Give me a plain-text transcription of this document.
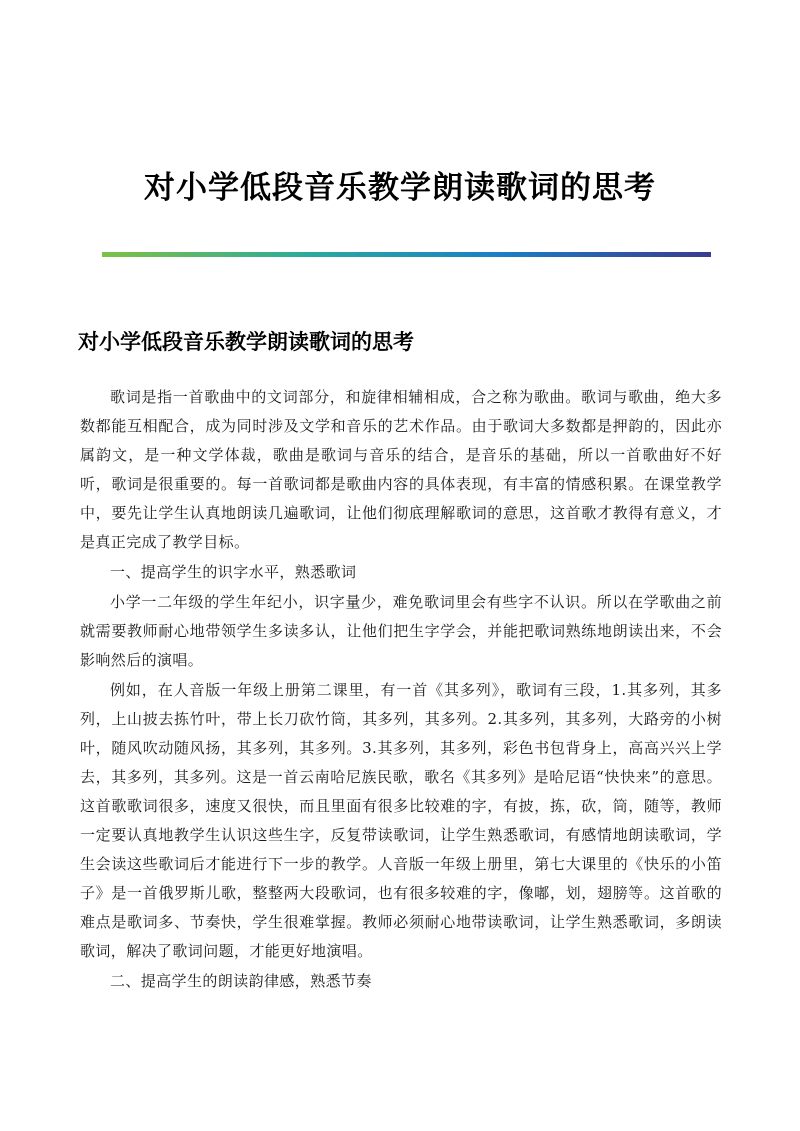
对小学低段音乐教学朗读歌词的思考
对小学低段音乐教学朗读歌词的思考

歌词是指一首歌曲中的文词部分，和旋律相辅相成，合之称为歌曲。歌词与歌曲，绝大多数都能互相配合，成为同时涉及文学和音乐的艺术作品。由于歌词大多数都是押韵的，因此亦属韵文，是一种文学体裁，歌曲是歌词与音乐的结合，是音乐的基础，所以一首歌曲好不好听，歌词是很重要的。每一首歌词都是歌曲内容的具体表现，有丰富的情感积累。在课堂教学中，要先让学生认真地朗读几遍歌词，让他们彻底理解歌词的意思，这首歌才教得有意义，才是真正完成了教学目标。

一、提高学生的识字水平，熟悉歌词

小学一二年级的学生年纪小，识字量少，难免歌词里会有些字不认识。所以在学歌曲之前就需要教师耐心地带领学生多读多认，让他们把生字学会，并能把歌词熟练地朗读出来，不会影响然后的演唱。

例如，在人音版一年级上册第二课里，有一首《其多列》，歌词有三段，1.其多列，其多列，上山披去拣竹叶，带上长刀砍竹筒，其多列，其多列。2.其多列，其多列，大路旁的小树叶，随风吹动随风扬，其多列，其多列。3.其多列，其多列，彩色书包背身上，高高兴兴上学去，其多列，其多列。这是一首云南哈尼族民歌，歌名《其多列》是哈尼语“快快来”的意思。这首歌歌词很多，速度又很快，而且里面有很多比较难的字，有披，拣，砍，筒，随等，教师一定要认真地教学生认识这些生字，反复带读歌词，让学生熟悉歌词，有感情地朗读歌词，学生会读这些歌词后才能进行下一步的教学。人音版一年级上册里，第七大课里的《快乐的小笛子》是一首俄罗斯儿歌，整整两大段歌词，也有很多较难的字，像嘟，划，翅膀等。这首歌的难点是歌词多、节奏快，学生很难掌握。教师必须耐心地带读歌词，让学生熟悉歌词，多朗读歌词，解决了歌词问题，才能更好地演唱。

二、提高学生的朗读韵律感，熟悉节奏
